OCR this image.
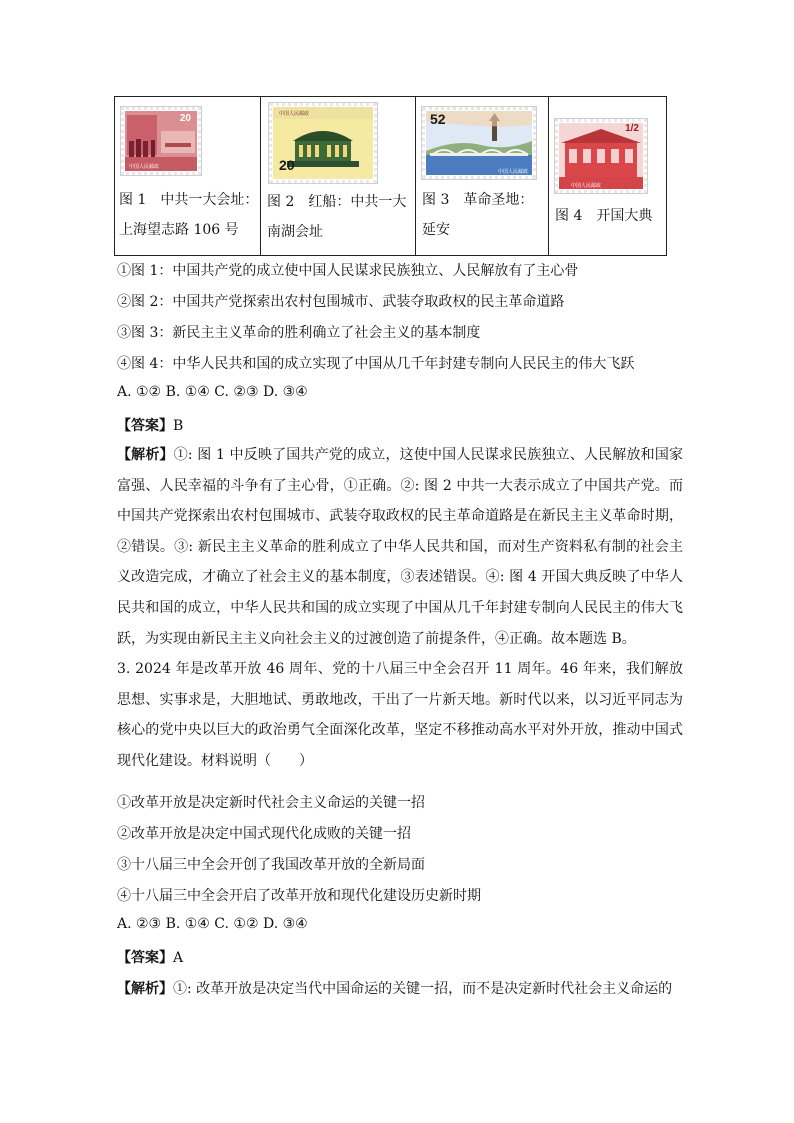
20
中国人民邮政
图 1　中共一大会址：
上海望志路 106 号

20
中国人民邮政
图 2　红船：中共一大
南湖会址

52
中国人民邮政
图 3　革命圣地：
延安

1/2
中国人民邮政
图 4　开国大典
①图 1：中国共产党的成立使中国人民谋求民族独立、人民解放有了主心骨
②图 2：中国共产党探索出农村包围城市、武装夺取政权的民主革命道路
③图 3：新民主主义革命的胜利确立了社会主义的基本制度
④图 4：中华人民共和国的成立实现了中国从几千年封建专制向人民民主的伟大飞跃
A. ①② B. ①④ C. ②③ D. ③④
【答案】B
【解析】①: 图 1 中反映了国共产党的成立，这使中国人民谋求民族独立、人民解放和国家富强、人民幸福的斗争有了主心骨，①正确。②: 图 2 中共一大表示成立了中国共产党。而中国共产党探索出农村包围城市、武装夺取政权的民主革命道路是在新民主主义革命时期，②错误。③: 新民主主义革命的胜利成立了中华人民共和国，而对生产资料私有制的社会主义改造完成，才确立了社会主义的基本制度，③表述错误。④: 图 4 开国大典反映了中华人民共和国的成立，中华人民共和国的成立实现了中国从几千年封建专制向人民民主的伟大飞跃，为实现由新民主主义向社会主义的过渡创造了前提条件，④正确。故本题选 B。
3. 2024 年是改革开放 46 周年、党的十八届三中全会召开 11 周年。46 年来，我们解放思想、实事求是，大胆地试、勇敢地改，干出了一片新天地。新时代以来，以习近平同志为核心的党中央以巨大的政治勇气全面深化改革，坚定不移推动高水平对外开放，推动中国式现代化建设。材料说明（　　）
①改革开放是决定新时代社会主义命运的关键一招
②改革开放是决定中国式现代化成败的关键一招
③十八届三中全会开创了我国改革开放的全新局面
④十八届三中全会开启了改革开放和现代化建设历史新时期
A. ②③ B. ①④ C. ①② D. ③④
【答案】A
【解析】①: 改革开放是决定当代中国命运的关键一招，而不是决定新时代社会主义命运的
